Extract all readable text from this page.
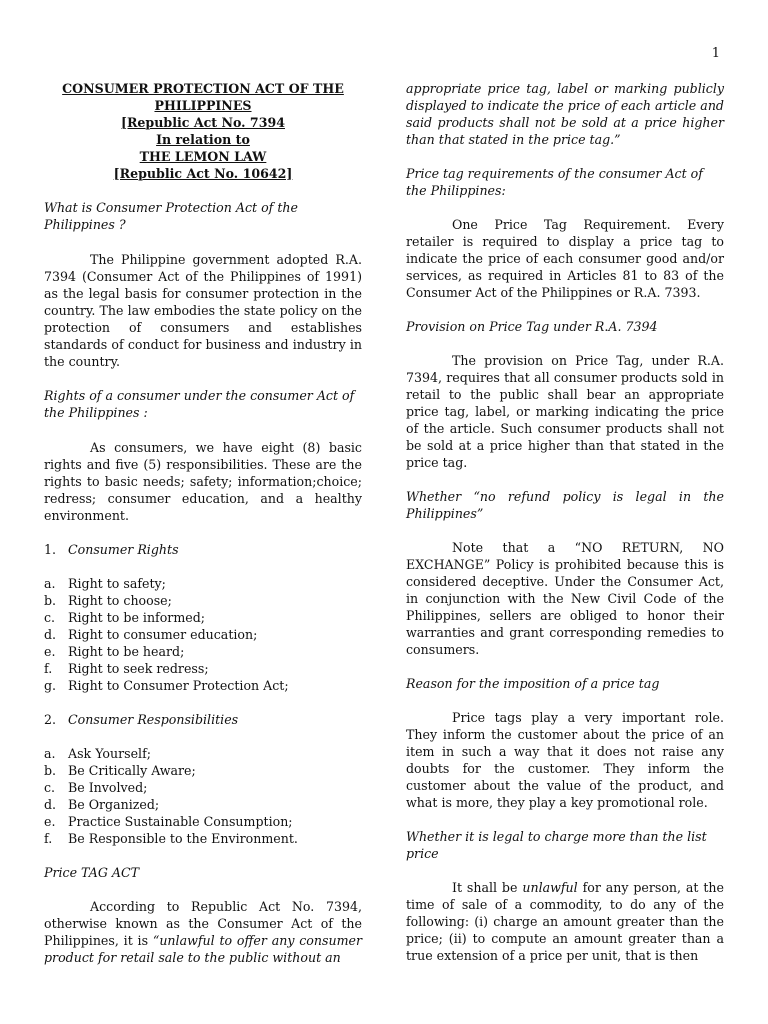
1
CONSUMER PROTECTION ACT OF THE
PHILIPPINES
[Republic Act No. 7394
In relation to
THE LEMON LAW
[Republic Act No. 10642]

What is Consumer Protection Act of the Philippines ?

The Philippine government adopted R.A. 7394 (Consumer Act of the Philippines of 1991) as the legal basis for consumer protection in the country. The law embodies the state policy on the protection of consumers and establishes standards of conduct for business and industry in the country.

Rights of a consumer under the consumer Act of the Philippines :

As consumers, we have eight (8) basic rights and five (5) responsibilities. These are the rights to basic needs; safety; information;choice; redress; consumer education, and a healthy environment.

1. Consumer Rights
a. Right to safety;
b. Right to choose;
c.	Right to be informed;
d. Right to consumer education;
e. Right to be heard;
f.	Right to seek redress;
g. Right to Consumer Protection Act;
2. Consumer Responsibilities
a. Ask Yourself;
b. Be Critically Aware;
c.	Be Involved;
d. Be Organized;
e. Practice Sustainable Consumption;
f.	Be Responsible to the Environment.

Price TAG ACT

According to Republic Act No. 7394, otherwise known as the Consumer Act of the Philippines, it is “unlawful to offer any consumer product for retail sale to the public without an

appropriate price tag, label or marking publicly displayed to indicate the price of each article and said products shall not be sold at a price higher than that stated in the price tag.”

Price tag requirements of the consumer Act of the Philippines:

One Price Tag Requirement. Every retailer is required to display a price tag to indicate the price of each consumer good and/or services, as required in Articles 81 to 83 of the Consumer Act of the Philippines or R.A. 7393.

Provision on Price Tag under R.A. 7394

The provision on Price Tag, under R.A. 7394, requires that all consumer products sold in retail to the public shall bear an appropriate price tag, label, or marking indicating the price of the article. Such consumer products shall not be sold at a price higher than that stated in the price tag.

Whether “no refund policy is legal in the Philippines”

Note that a “NO RETURN, NO EXCHANGE” Policy is prohibited because this is considered deceptive. Under the Consumer Act, in conjunction with the New Civil Code of the Philippines, sellers are obliged to honor their warranties and grant corresponding remedies to consumers.

Reason for the imposition of a price tag

Price tags play a very important role. They inform the customer about the price of an item in such a way that it does not raise any doubts for the customer. They inform the customer about the value of the product, and what is more, they play a key promotional role.

Whether it is legal to charge more than the list price

It shall be unlawful for any person, at the time of sale of a commodity, to do any of the following: (i) charge an amount greater than the price; (ii) to compute an amount greater than a true extension of a price per unit, that is then
